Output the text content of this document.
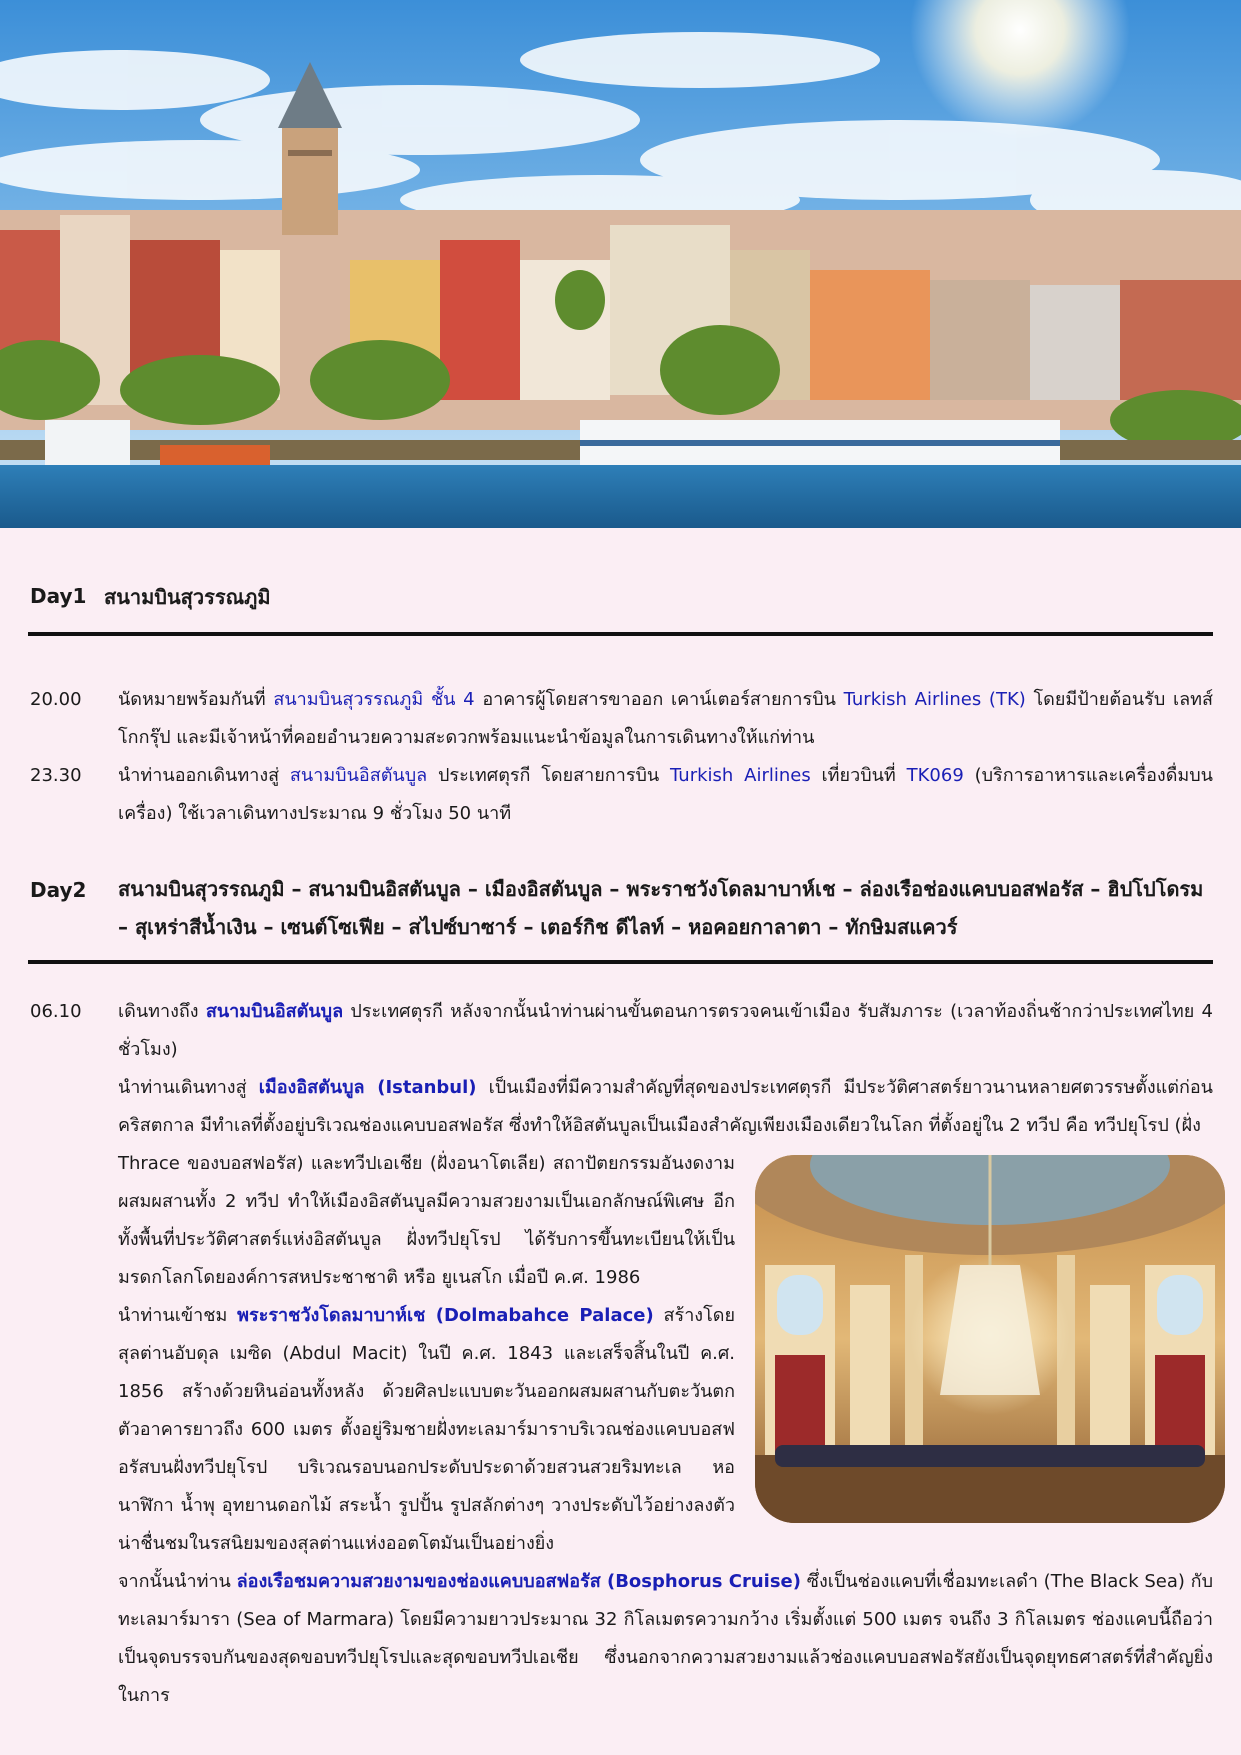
Day1 สนามบินสุวรรณภูมิ
20.00	นัดหมายพร้อมกันที่ สนามบินสุวรรณภูมิ ชั้น 4 อาคารผู้โดยสารขาออก เคาน์เตอร์สายการบิน Turkish Airlines (TK) โดยมีป้ายต้อนรับ เลทส์โกกรุ๊ป และมีเจ้าหน้าที่คอยอำนวยความสะดวกพร้อมแนะนำข้อมูลในการเดินทางให้แก่ท่าน
23.30	นำท่านออกเดินทางสู่ สนามบินอิสตันบูล ประเทศตุรกี โดยสายการบิน Turkish Airlines เที่ยวบินที่ TK069 (บริการอาหารและเครื่องดื่มบนเครื่อง) ใช้เวลาเดินทางประมาณ 9 ชั่วโมง 50 นาที
Day2 สนามบินสุวรรณภูมิ – สนามบินอิสตันบูล – เมืองอิสตันบูล – พระราชวังโดลมาบาห์เช – ล่องเรือช่องแคบบอสฟอรัส – ฮิปโปโดรม – สุเหร่าสีน้ำเงิน – เซนต์โซเฟีย – สไปซ์บาซาร์ – เตอร์กิช ดีไลท์ – หอคอยกาลาตา – ทักษิมสแควร์
06.10	เดินทางถึง สนามบินอิสตันบูล ประเทศตุรกี หลังจากนั้นนำท่านผ่านขั้นตอนการตรวจคนเข้าเมือง รับสัมภาระ (เวลาท้องถิ่นช้ากว่าประเทศไทย 4 ชั่วโมง)
นำท่านเดินทางสู่ เมืองอิสตันบูล (Istanbul) เป็นเมืองที่มีความสำคัญที่สุดของประเทศตุรกี มีประวัติศาสตร์ยาวนานหลายศตวรรษตั้งแต่ก่อนคริสตกาล มีทำเลที่ตั้งอยู่บริเวณช่องแคบบอสฟอรัส ซึ่งทำให้อิสตันบูลเป็นเมืองสำคัญเพียงเมืองเดียวในโลก ที่ตั้งอยู่ใน 2 ทวีป คือ ทวีปยุโรป (ฝั่ง
Thrace ของบอสฟอรัส) และทวีปเอเชีย (ฝั่งอนาโตเลีย) สถาปัตยกรรมอันงดงามผสมผสานทั้ง 2 ทวีป ทำให้เมืองอิสตันบูลมีความสวยงามเป็นเอกลักษณ์พิเศษ อีกทั้งพื้นที่ประวัติศาสตร์แห่งอิสตันบูล ฝั่งทวีปยุโรป ได้รับการขึ้นทะเบียนให้เป็นมรดกโลกโดยองค์การสหประชาชาติ หรือ ยูเนสโก เมื่อปี ค.ศ. 1986
นำท่านเข้าชม พระราชวังโดลมาบาห์เช (Dolmabahce Palace) สร้างโดยสุลต่านอับดุล เมซิด (Abdul Macit) ในปี ค.ศ. 1843 และเสร็จสิ้นในปี ค.ศ. 1856 สร้างด้วยหินอ่อนทั้งหลัง ด้วยศิลปะแบบตะวันออกผสมผสานกับตะวันตก ตัวอาคารยาวถึง 600 เมตร ตั้งอยู่ริมชายฝั่งทะเลมาร์มาราบริเวณช่องแคบบอสฟอรัสบนฝั่งทวีปยุโรป บริเวณรอบนอกประดับประดาด้วยสวนสวยริมทะเล หอนาฬิกา น้ำพุ อุทยานดอกไม้ สระน้ำ รูปปั้น รูปสลักต่างๆ วางประดับไว้อย่างลงตัวน่าชื่นชมในรสนิยมของสุลต่านแห่งออตโตมันเป็นอย่างยิ่ง
จากนั้นนำท่าน ล่องเรือชมความสวยงามของช่องแคบบอสฟอรัส (Bosphorus Cruise) ซึ่งเป็นช่องแคบที่เชื่อมทะเลดำ (The Black Sea) กับทะเลมาร์มารา (Sea of Marmara) โดยมีความยาวประมาณ 32 กิโลเมตรความกว้าง เริ่มตั้งแต่ 500 เมตร จนถึง 3 กิโลเมตร ช่องแคบนี้ถือว่าเป็นจุดบรรจบกันของสุดขอบทวีปยุโรปและสุดขอบทวีปเอเชีย ซึ่งนอกจากความสวยงามแล้วช่องแคบบอสฟอรัสยังเป็นจุดยุทธศาสตร์ที่สำคัญยิ่งในการ
